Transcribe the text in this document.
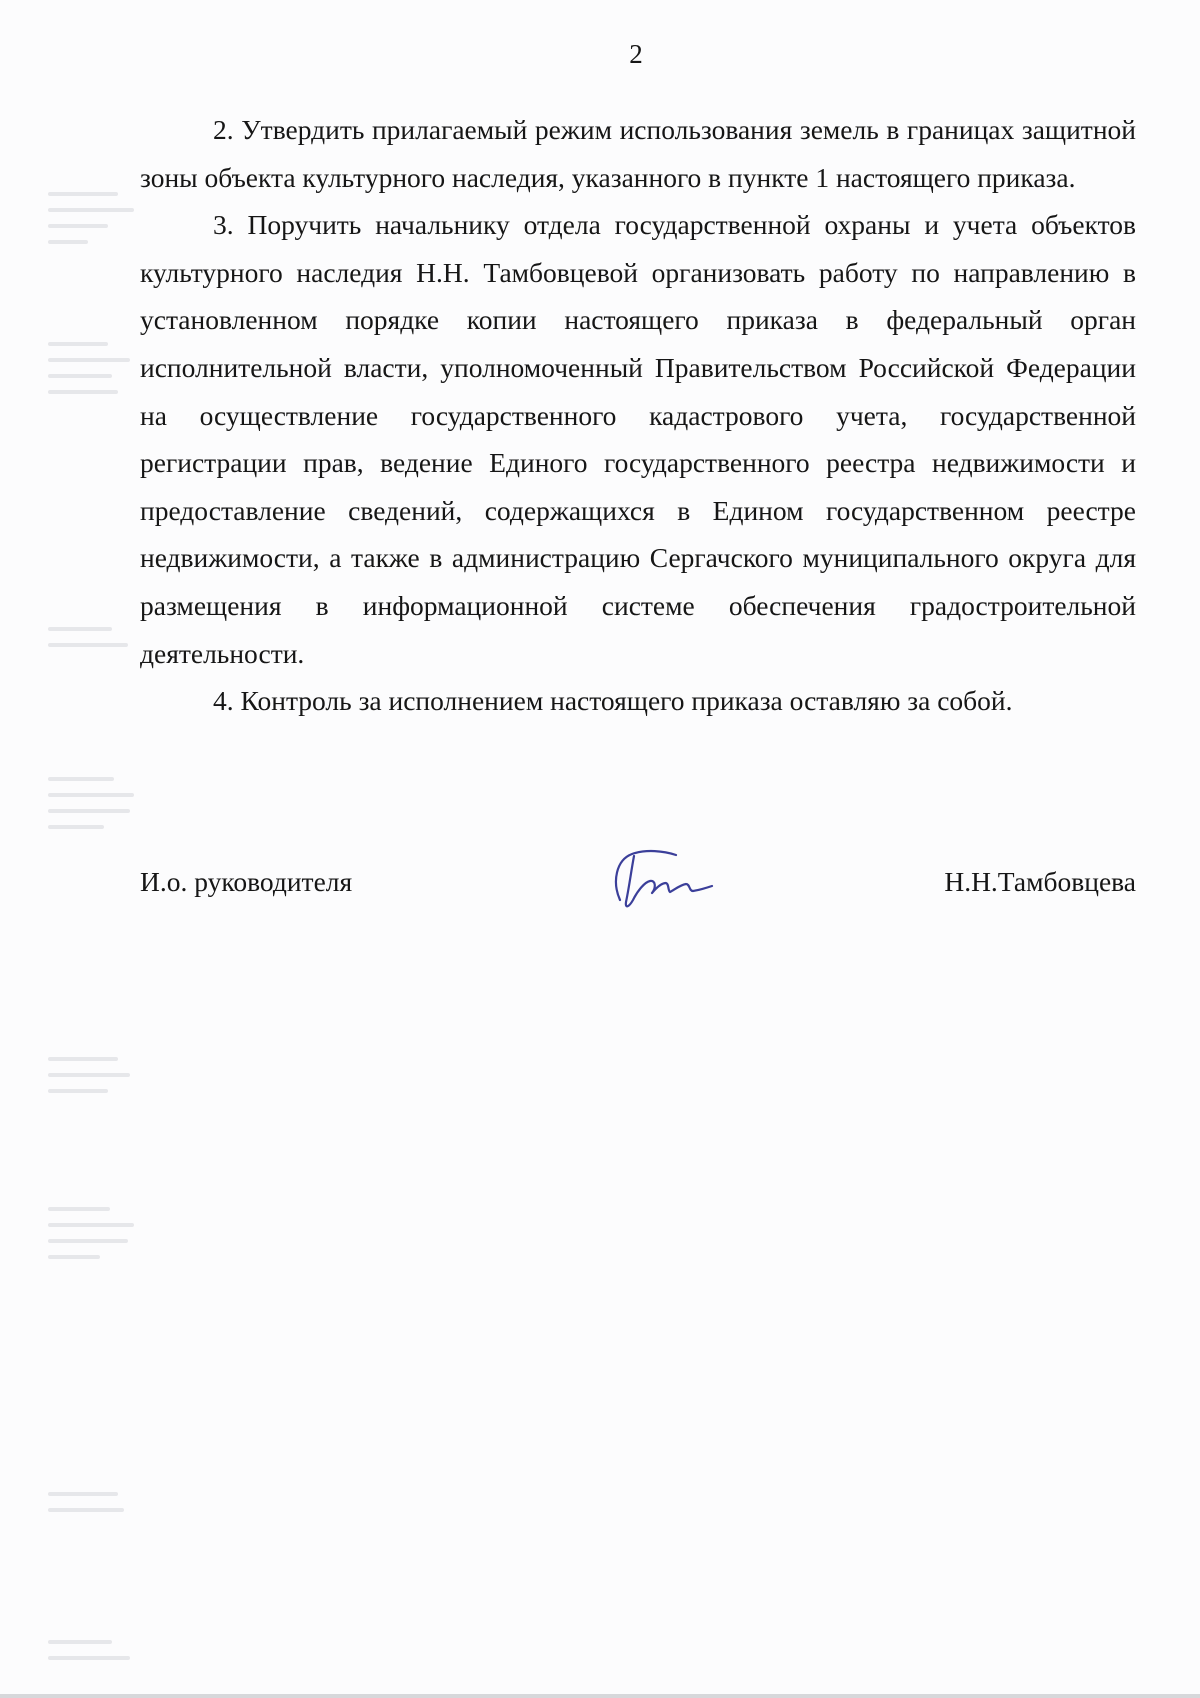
2

2. Утвердить прилагаемый режим использования земель в границах защитной зоны объекта культурного наследия, указанного в пункте 1 настоящего приказа.

3. Поручить начальнику отдела государственной охраны и учета объектов культурного наследия Н.Н. Тамбовцевой организовать работу по направлению в установленном порядке копии настоящего приказа в федеральный орган исполнительной власти, уполномоченный Правительством Российской Федерации на осуществление государственного кадастрового учета, государственной регистрации прав, ведение Единого государственного реестра недвижимости и предоставление сведений, содержащихся в Едином государственном реестре недвижимости, а также в администрацию Сергачского муниципального округа для размещения в информационной системе обеспечения градостроительной деятельности.

4. Контроль за исполнением настоящего приказа оставляю за собой.

И.о. руководителя	Н.Н.Тамбовцева
